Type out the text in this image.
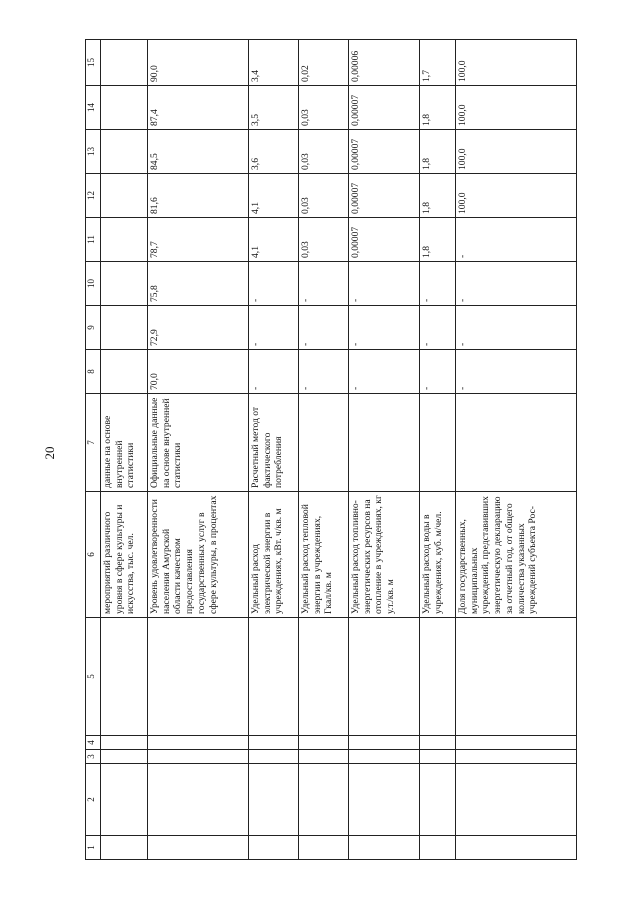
20
1	2	3	4	5	6	7	8	9	10	11	12	13	14	15
					мероприятий различного уровня в сфере культуры и искусства, тыс. чел.	данные на основе внутренней статистики								
					Уровень удовлетворенности населения Амурской области качеством предоставления государственных услуг в сфере культуры, в процентах	Официальные данные на основе внутренней статистики	70,0	72,9	75,8	78,7	81,6	84,5	87,4	90,0
					Удельный расход электрической энергии в учреждениях, кВт. ч/кв. м	Расчетный метод от фактического потребления	-	-	-	4,1	4,1	3,6	3,5	3,4
					Удельный расход тепловой энергии в учреждениях, Гкал/кв. м		-	-	-	0,03	0,03	0,03	0,03	0,02
					Удельный расход топливно-энергетических ресурсов на отопление в учреждениях, кг у.т./кв. м		-	-	-	0,00007	0,00007	0,00007	0,00007	0,00006
					Удельный расход воды в учреждениях, куб. м/чел.		-	-	-	1,8	1,8	1,8	1,8	1,7
					Доля государственных, муниципальных учреждений, представивших энергетическую декларацию за отчетный год, от общего количества указанных учреждений субъекта Рос-		-	-	-	-	100,0	100,0	100,0	100,0
